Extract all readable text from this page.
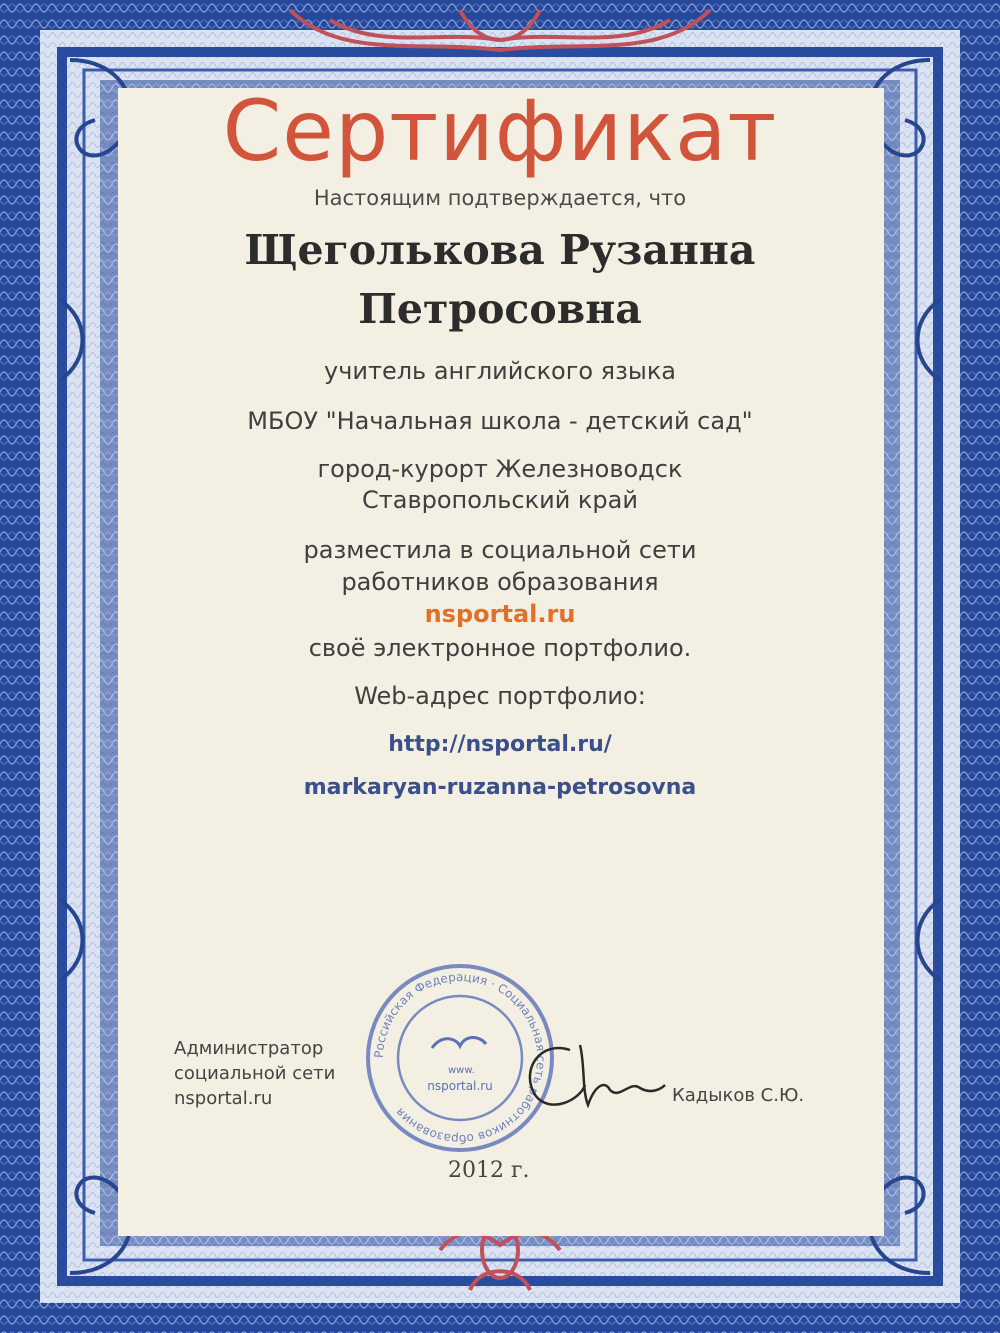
Сертификат
Настоящим подтверждается, что
Щеголькова Рузанна
Петросовна
учитель английского языка
МБОУ "Начальная школа - детский сад"
город-курорт Железноводск
Ставропольский край
разместила в социальной сети
работников образования
nsportal.ru
своё электронное портфолио.
Web-адрес портфолио:
http://nsportal.ru/
markaryan-ruzanna-petrosovna
Администратор
социальной сети
nsportal.ru
Российская Федерация · Социальная сеть работников образования
www.
nsportal.ru	Кадыков С.Ю.
2012 г.
